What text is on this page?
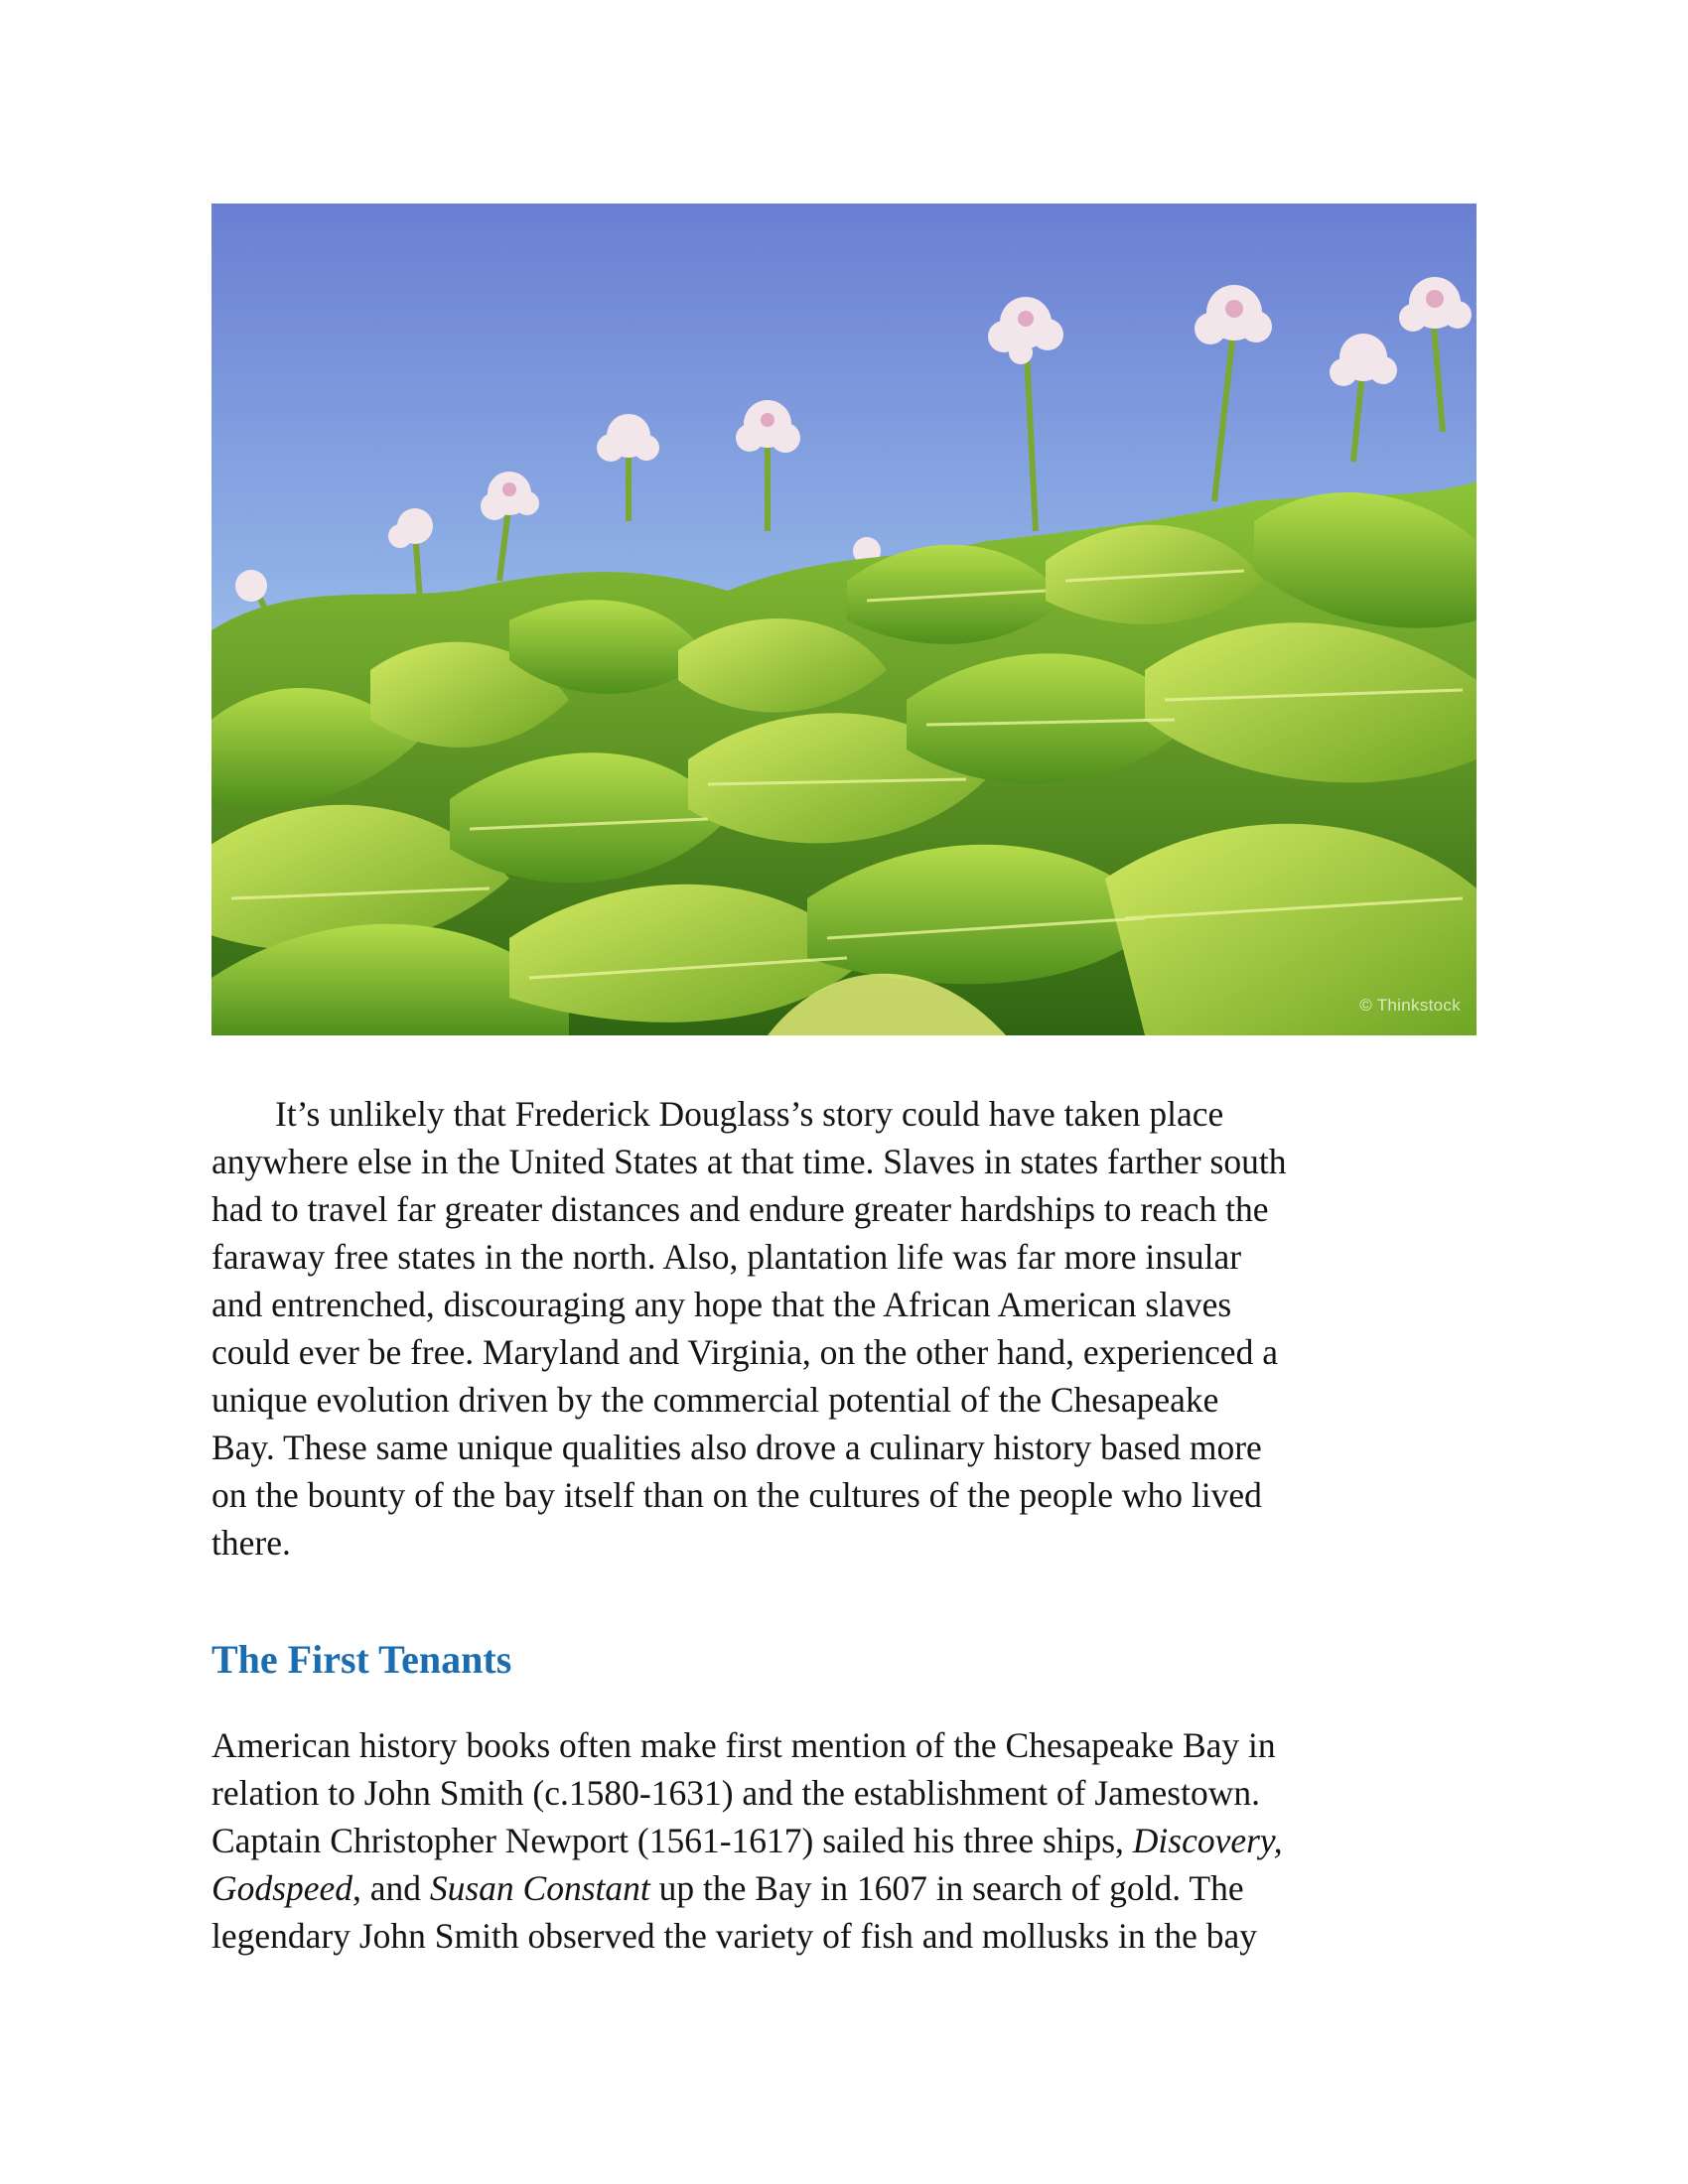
© Thinkstock

It’s unlikely that Frederick Douglass’s story could have taken place
anywhere else in the United States at that time. Slaves in states farther south
had to travel far greater distances and endure greater hardships to reach the
faraway free states in the north. Also, plantation life was far more insular
and entrenched, discouraging any hope that the African American slaves
could ever be free. Maryland and Virginia, on the other hand, experienced a
unique evolution driven by the commercial potential of the Chesapeake
Bay. These same unique qualities also drove a culinary history based more
on the bounty of the bay itself than on the cultures of the people who lived
there.

The First Tenants

American history books often make first mention of the Chesapeake Bay in
relation to John Smith (c.1580-1631) and the establishment of Jamestown.
Captain Christopher Newport (1561-1617) sailed his three ships, Discovery,
Godspeed, and Susan Constant up the Bay in 1607 in search of gold. The
legendary John Smith observed the variety of fish and mollusks in the bay
